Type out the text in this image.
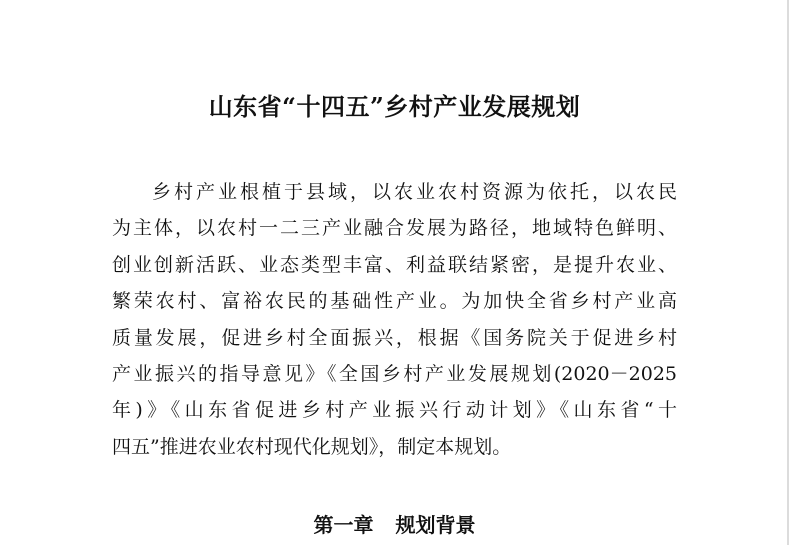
山东省“十四五”乡村产业发展规划
乡村产业根植于县域，以农业农村资源为依托，以农民
为主体，以农村一二三产业融合发展为路径，地域特色鲜明、
创业创新活跃、业态类型丰富、利益联结紧密，是提升农业、
繁荣农村、富裕农民的基础性产业。为加快全省乡村产业高
质量发展，促进乡村全面振兴，根据《国务院关于促进乡村
产业振兴的指导意见》《全国乡村产业发展规划(2020－2025
年)》《山东省促进乡村产业振兴行动计划》《山东省“十
四五”推进农业农村现代化规划》，制定本规划。
第一章 规划背景
